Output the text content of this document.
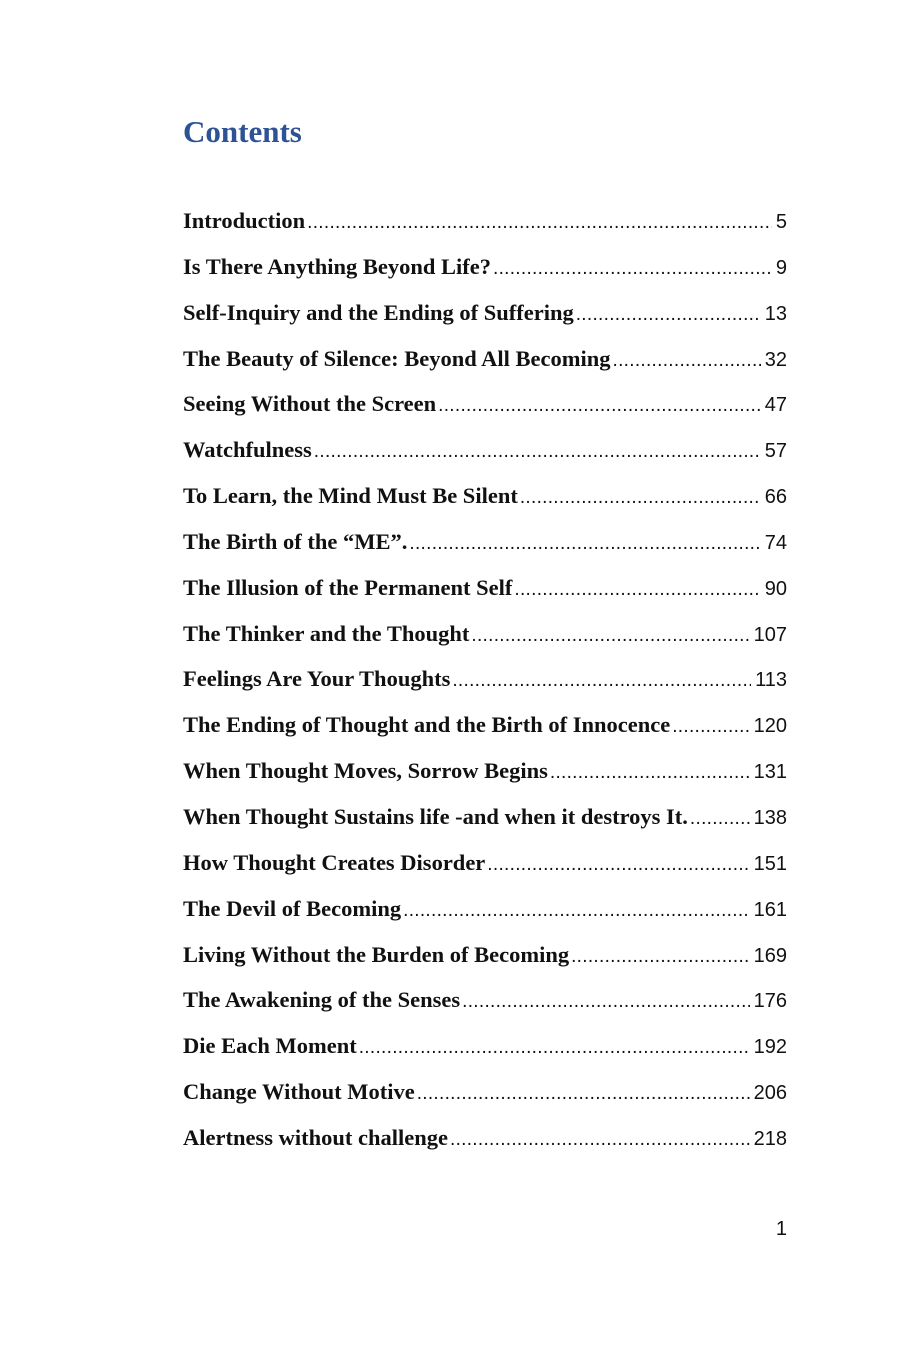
Contents
Introduction .....	5
Is There Anything Beyond Life? .....	9
Self-Inquiry and the Ending of Suffering .....	13
The Beauty of Silence: Beyond All Becoming .....	32
Seeing Without the Screen .....	47
Watchfulness .....	57
To Learn, the Mind Must Be Silent .....	66
The Birth of the “ME”. .....	74
The Illusion of the Permanent Self .....	90
The Thinker and the Thought .....	107
Feelings Are Your Thoughts .....	113
The Ending of Thought and the Birth of Innocence .....	120
When Thought Moves, Sorrow Begins .....	131
When Thought Sustains life -and when it destroys It. .....	138
How Thought Creates Disorder .....	151
The Devil of Becoming .....	161
Living Without the Burden of Becoming .....	169
The Awakening of the Senses .....	176
Die Each Moment .....	192
Change Without Motive .....	206
Alertness without challenge .....	218
1
